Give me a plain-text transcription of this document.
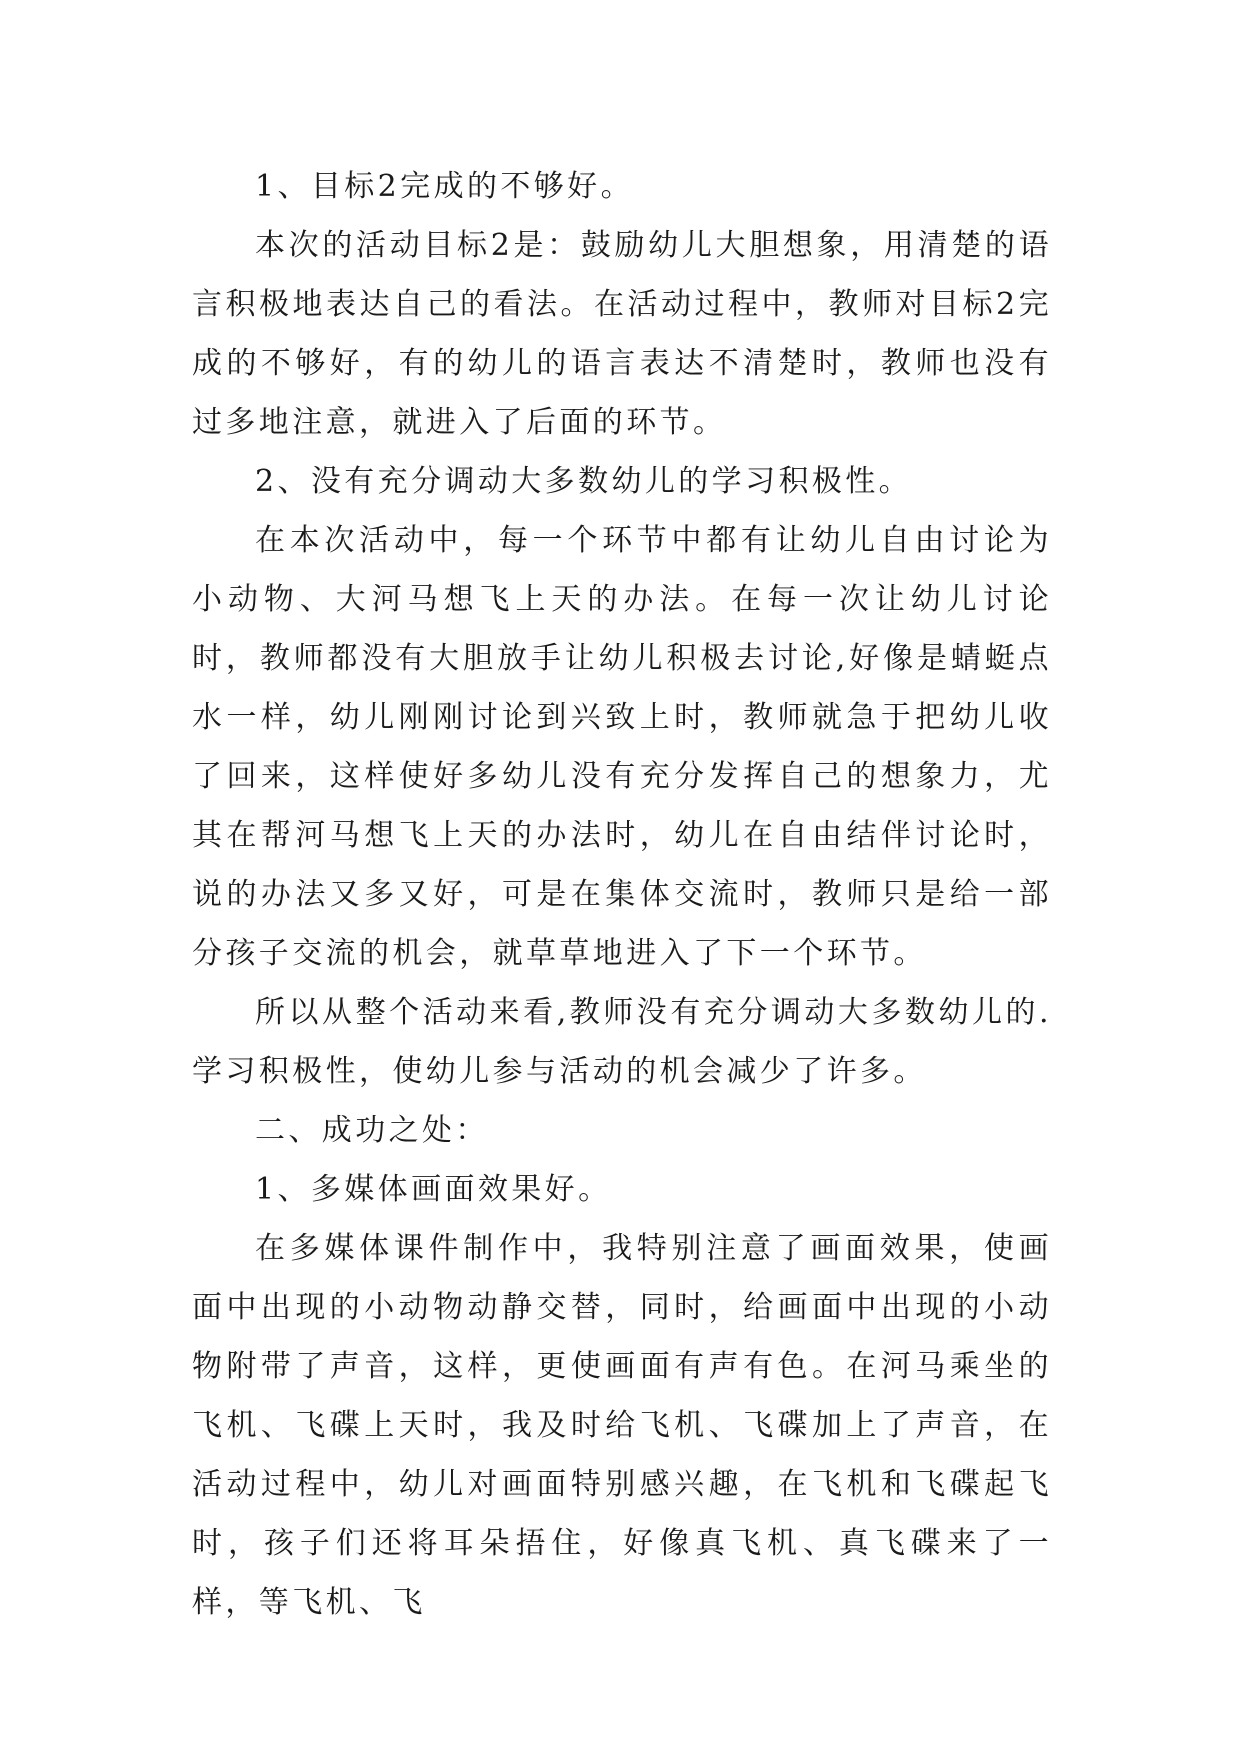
1、目标2完成的不够好。

本次的活动目标2是：鼓励幼儿大胆想象，用清楚的语言积极地表达自己的看法。在活动过程中，教师对目标2完成的不够好，有的幼儿的语言表达不清楚时，教师也没有过多地注意，就进入了后面的环节。

2、没有充分调动大多数幼儿的学习积极性。

在本次活动中，每一个环节中都有让幼儿自由讨论为小动物、大河马想飞上天的办法。在每一次让幼儿讨论时，教师都没有大胆放手让幼儿积极去讨论,好像是蜻蜓点水一样，幼儿刚刚讨论到兴致上时，教师就急于把幼儿收了回来，这样使好多幼儿没有充分发挥自己的想象力，尤其在帮河马想飞上天的办法时，幼儿在自由结伴讨论时，说的办法又多又好，可是在集体交流时，教师只是给一部分孩子交流的机会，就草草地进入了下一个环节。

所以从整个活动来看,教师没有充分调动大多数幼儿的.学习积极性，使幼儿参与活动的机会减少了许多。

二、成功之处：

1、多媒体画面效果好。

在多媒体课件制作中，我特别注意了画面效果，使画面中出现的小动物动静交替，同时，给画面中出现的小动物附带了声音，这样，更使画面有声有色。在河马乘坐的飞机、飞碟上天时，我及时给飞机、飞碟加上了声音，在活动过程中，幼儿对画面特别感兴趣，在飞机和飞碟起飞时，孩子们还将耳朵捂住，好像真飞机、真飞碟来了一样，等飞机、飞
